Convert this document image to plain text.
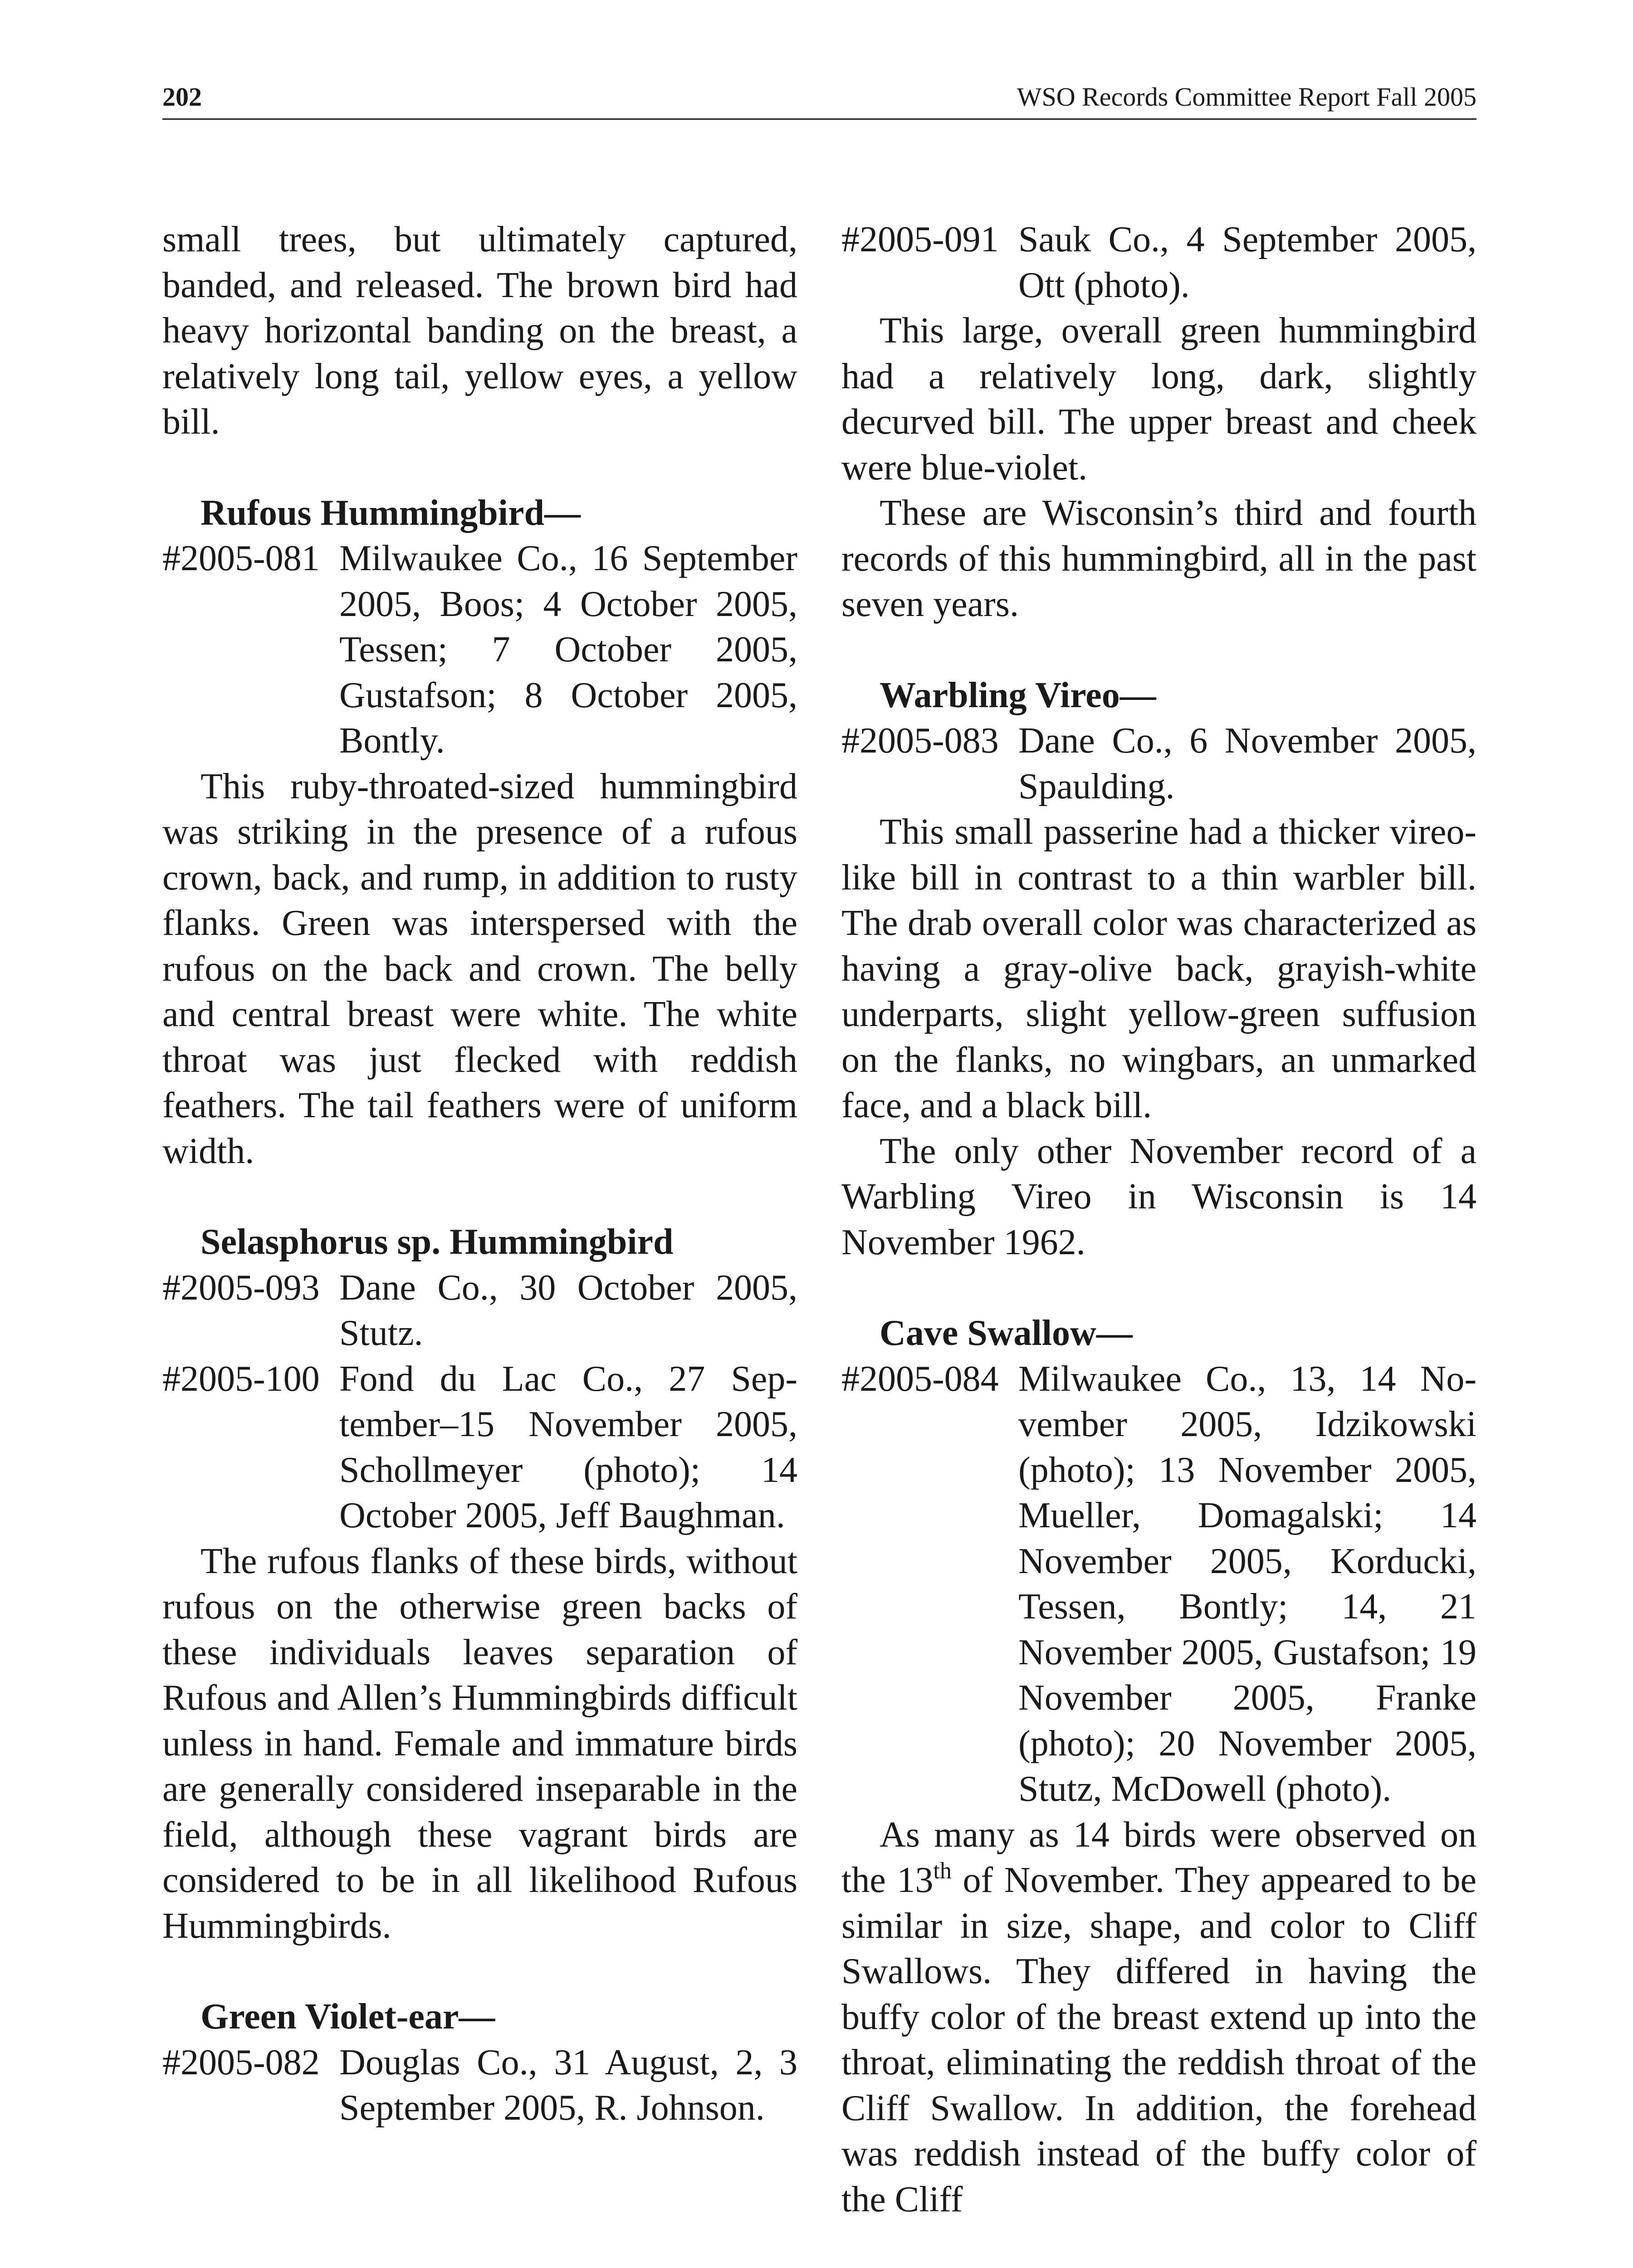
202	WSO Records Committee Report Fall 2005

small trees, but ultimately captured, banded, and released. The brown bird had heavy horizontal banding on the breast, a relatively long tail, yellow eyes, a yellow bill.

Rufous Hummingbird—

#2005-081 Milwaukee Co., 16 September 2005, Boos; 4 October 2005, Tessen; 7 October 2005, Gustafson; 8 October 2005, Bontly.

This ruby-throated-sized hummingbird was striking in the presence of a rufous crown, back, and rump, in addition to rusty flanks. Green was interspersed with the rufous on the back and crown. The belly and central breast were white. The white throat was just flecked with reddish feathers. The tail feathers were of uniform width.

Selasphorus sp. Hummingbird

#2005-093 Dane Co., 30 October 2005, Stutz.
#2005-100 Fond du Lac Co., 27 September–15 November 2005, Schollmeyer (photo); 14 October 2005, Jeff Baughman.

The rufous flanks of these birds, without rufous on the otherwise green backs of these individuals leaves separation of Rufous and Allen’s Hummingbirds difficult unless in hand. Female and immature birds are generally considered inseparable in the field, although these vagrant birds are considered to be in all likelihood Rufous Hummingbirds.

Green Violet-ear—

#2005-082 Douglas Co., 31 August, 2, 3 September 2005, R. Johnson.
#2005-091 Sauk Co., 4 September 2005, Ott (photo).

This large, overall green hummingbird had a relatively long, dark, slightly decurved bill. The upper breast and cheek were blue-violet.

These are Wisconsin’s third and fourth records of this hummingbird, all in the past seven years.

Warbling Vireo—

#2005-083 Dane Co., 6 November 2005, Spaulding.

This small passerine had a thicker vireo-like bill in contrast to a thin warbler bill. The drab overall color was characterized as having a gray-olive back, grayish-white underparts, slight yellow-green suffusion on the flanks, no wingbars, an unmarked face, and a black bill.

The only other November record of a Warbling Vireo in Wisconsin is 14 November 1962.

Cave Swallow—

#2005-084 Milwaukee Co., 13, 14 November 2005, Idzikowski (photo); 13 November 2005, Mueller, Domagalski; 14 November 2005, Korducki, Tessen, Bontly; 14, 21 November 2005, Gustafson; 19 November 2005, Franke (photo); 20 November 2005, Stutz, McDowell (photo).

As many as 14 birds were observed on the 13th of November. They appeared to be similar in size, shape, and color to Cliff Swallows. They differed in having the buffy color of the breast extend up into the throat, eliminating the reddish throat of the Cliff Swallow. In addition, the forehead was reddish instead of the buffy color of the Cliff
